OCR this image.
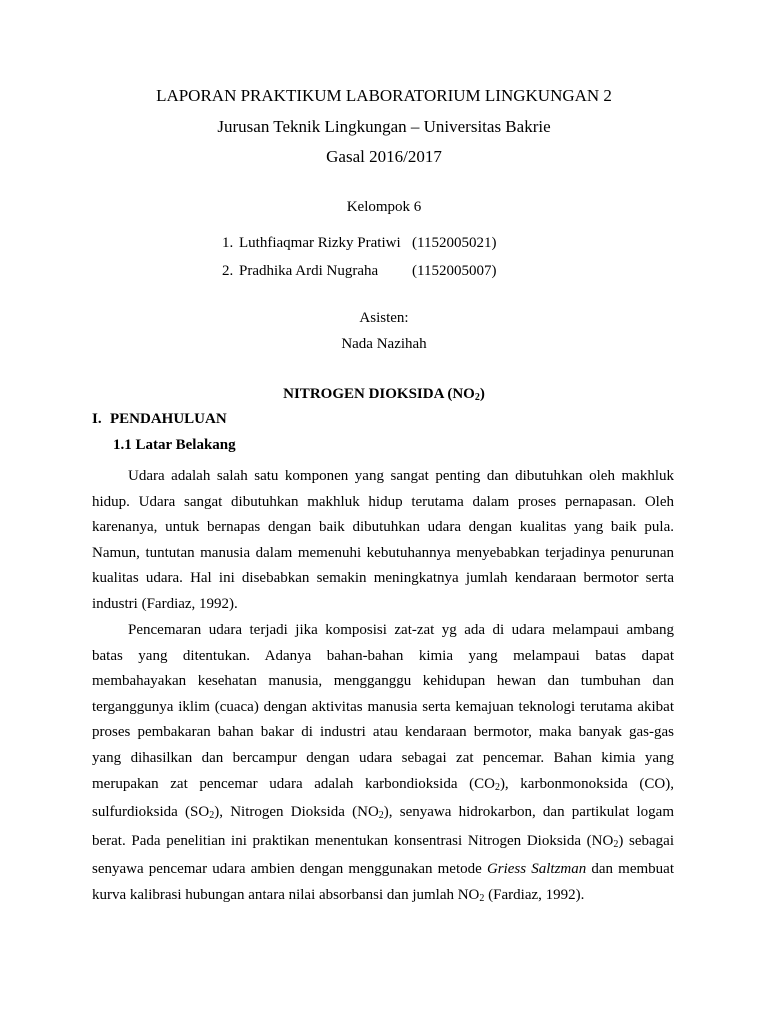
LAPORAN PRAKTIKUM LABORATORIUM LINGKUNGAN 2
Jurusan Teknik Lingkungan – Universitas Bakrie
Gasal 2016/2017
Kelompok 6
1. Luthfiaqmar Rizky Pratiwi (1152005021)
2. Pradhika Ardi Nugraha (1152005007)
Asisten:
Nada Nazihah
NITROGEN DIOKSIDA (NO2)
I. PENDAHULUAN
1.1 Latar Belakang
Udara adalah salah satu komponen yang sangat penting dan dibutuhkan oleh makhluk
hidup. Udara sangat dibutuhkan makhluk hidup terutama dalam proses pernapasan. Oleh
karenanya, untuk bernapas dengan baik dibutuhkan udara dengan kualitas yang baik pula.
Namun, tuntutan manusia dalam memenuhi kebutuhannya menyebabkan terjadinya penurunan
kualitas udara. Hal ini disebabkan semakin meningkatnya jumlah kendaraan bermotor serta
industri (Fardiaz, 1992).
Pencemaran udara terjadi jika komposisi zat-zat yg ada di udara melampaui ambang
batas yang ditentukan. Adanya bahan-bahan kimia yang melampaui batas dapat
membahayakan kesehatan manusia, mengganggu kehidupan hewan dan tumbuhan dan
terganggunya iklim (cuaca) dengan aktivitas manusia serta kemajuan teknologi terutama akibat
proses pembakaran bahan bakar di industri atau kendaraan bermotor, maka banyak gas-gas
yang dihasilkan dan bercampur dengan udara sebagai zat pencemar. Bahan kimia yang
merupakan zat pencemar udara adalah karbondioksida (CO2), karbonmonoksida (CO),
sulfurdioksida (SO2), Nitrogen Dioksida (NO2), senyawa hidrokarbon, dan partikulat logam
berat. Pada penelitian ini praktikan menentukan konsentrasi Nitrogen Dioksida (NO2) sebagai
senyawa pencemar udara ambien dengan menggunakan metode Griess Saltzman dan membuat
kurva kalibrasi hubungan antara nilai absorbansi dan jumlah NO2 (Fardiaz, 1992).
